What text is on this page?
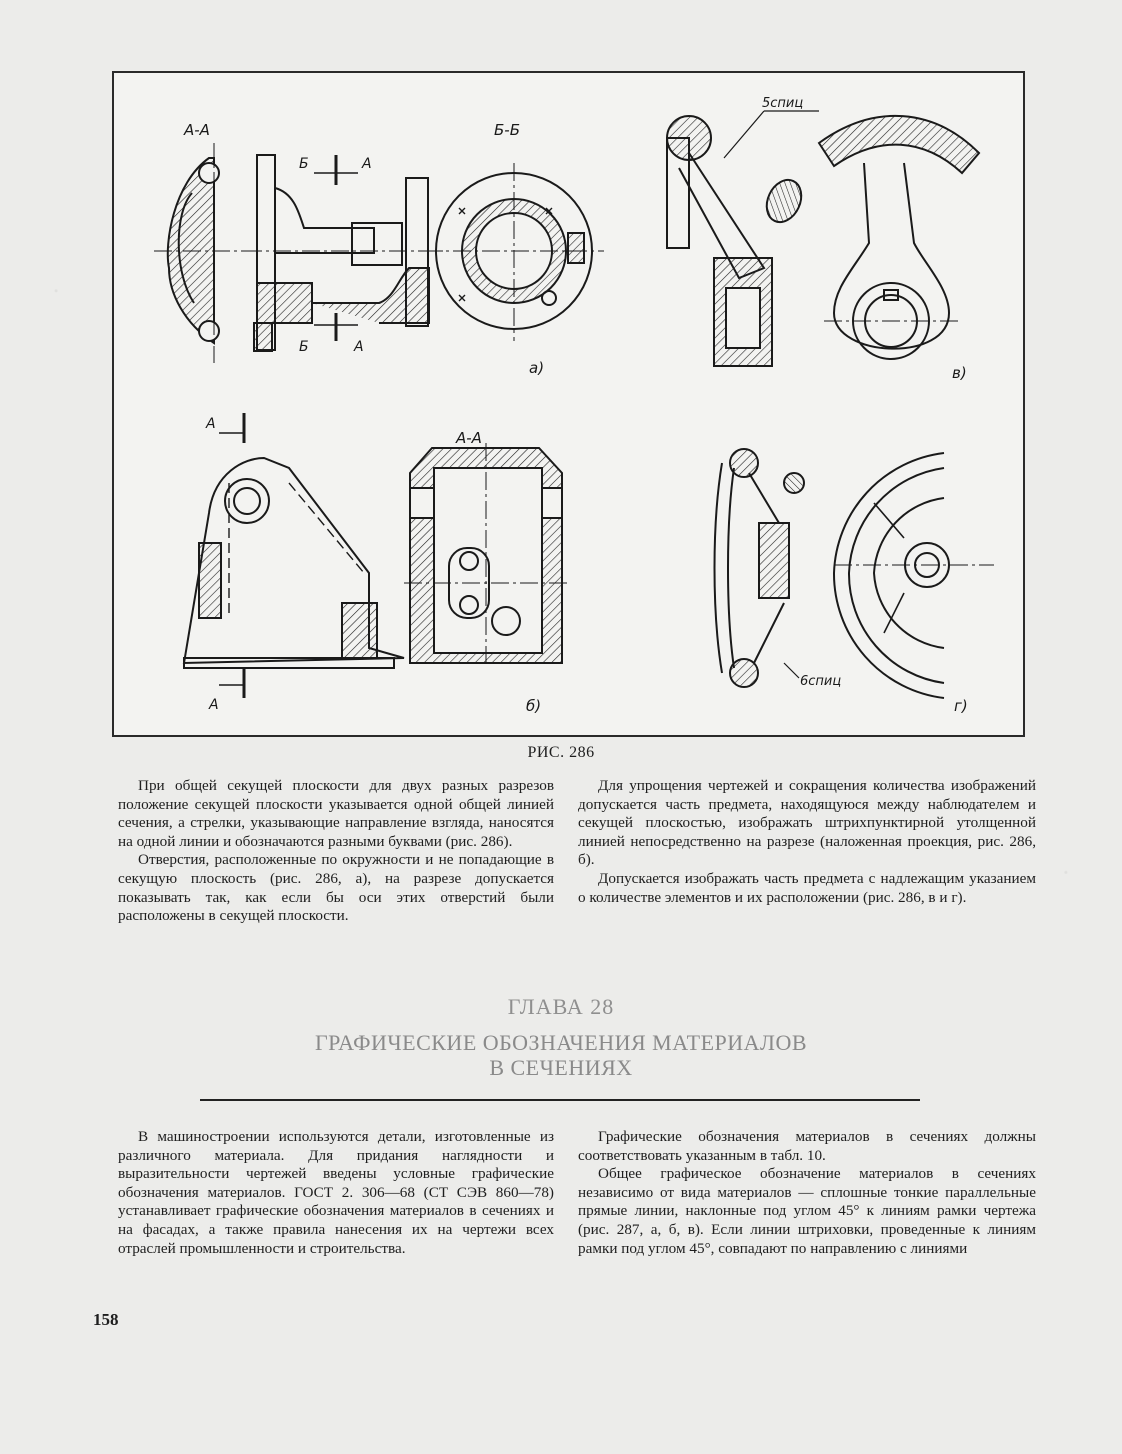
А-А	Б-Б
Б	А
Б	А
а)
5спиц
в)
А
А-А
А	б)
6спиц
г)
РИС. 286

При общей секущей плоскости для двух разных разрезов положение секущей плоскости указывается одной общей линией сечения, а стрелки, указывающие направление взгляда, наносятся на одной линии и обозначаются разными буквами (рис. 286).

Отверстия, расположенные по окружности и не попадающие в секущую плоскость (рис. 286, а), на разрезе допускается показывать так, как если бы оси этих отверстий были расположены в секущей плоскости.

Для упрощения чертежей и сокращения количества изображений допускается часть предмета, находящуюся между наблюдателем и секущей плоскостью, изображать штрихпунктирной утолщенной линией непосредственно на разрезе (наложенная проекция, рис. 286, б).

Допускается изображать часть предмета с надлежащим указанием о количестве элементов и их расположении (рис. 286, в и г).

ГЛАВА 28
ГРАФИЧЕСКИЕ ОБОЗНАЧЕНИЯ МАТЕРИАЛОВ
В СЕЧЕНИЯХ

В машиностроении используются детали, изготовленные из различного материала. Для придания наглядности и выразительности чертежей введены условные графические обозначения материалов. ГОСТ 2. 306—68 (СТ СЭВ 860—78) устанавливает графические обозначения материалов в сечениях и на фасадах, а также правила нанесения их на чертежи всех отраслей промышленности и строительства.

Графические обозначения материалов в сечениях должны соответствовать указанным в табл. 10.

Общее графическое обозначение материалов в сечениях независимо от вида материалов — сплошные тонкие параллельные прямые линии, наклонные под углом 45° к линиям рамки чертежа (рис. 287, а, б, в). Если линии штриховки, проведенные к линиям рамки под углом 45°, совпадают по направлению с линиями

158
